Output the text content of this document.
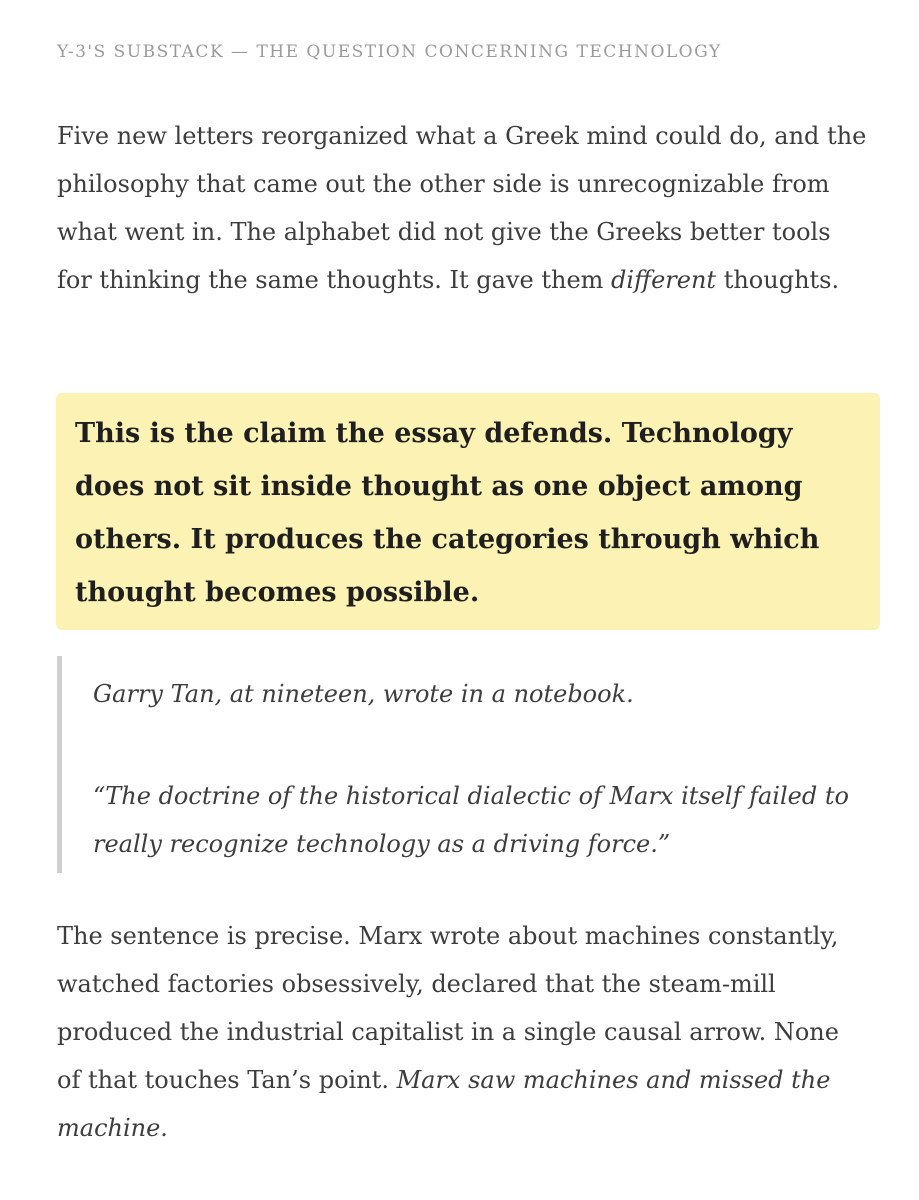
Y-3'S SUBSTACK — THE QUESTION CONCERNING TECHNOLOGY

Five new letters reorganized what a Greek mind could do, and the philosophy that came out the other side is unrecognizable from what went in. The alphabet did not give the Greeks better tools for thinking the same thoughts. It gave them different thoughts.

This is the claim the essay defends. Technology does not sit inside thought as one object among others. It produces the categories through which thought becomes possible.

Garry Tan, at nineteen, wrote in a notebook.

“The doctrine of the historical dialectic of Marx itself failed to really recognize technology as a driving force.”

The sentence is precise. Marx wrote about machines constantly, watched factories obsessively, declared that the steam-mill produced the industrial capitalist in a single causal arrow. None of that touches Tan’s point. Marx saw machines and missed the machine.
